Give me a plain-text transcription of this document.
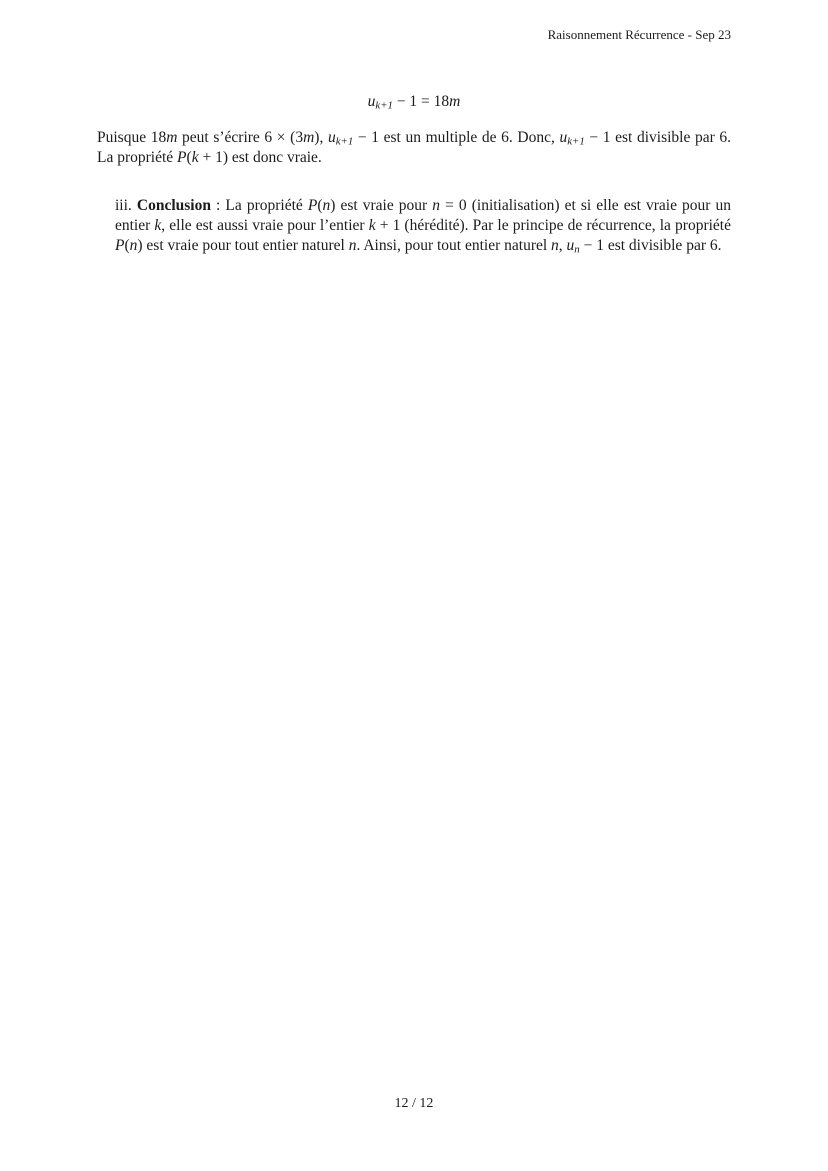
Raisonnement Récurrence - Sep 23
$u_{k+1} - 1 = 18m$

Puisque 18m peut s’écrire 6 × (3m), $u_{k+1} - 1$ est un multiple de 6. Donc, $u_{k+1} - 1$ est divisible par 6. La propriété P(k + 1) est donc vraie.

iii. Conclusion : La propriété P(n) est vraie pour n = 0 (initialisation) et si elle est vraie pour un entier k, elle est aussi vraie pour l’entier k + 1 (hérédité). Par le principe de récurrence, la propriété P(n) est vraie pour tout entier naturel n. Ainsi, pour tout entier naturel n, $u_n - 1$ est divisible par 6.

12 / 12
